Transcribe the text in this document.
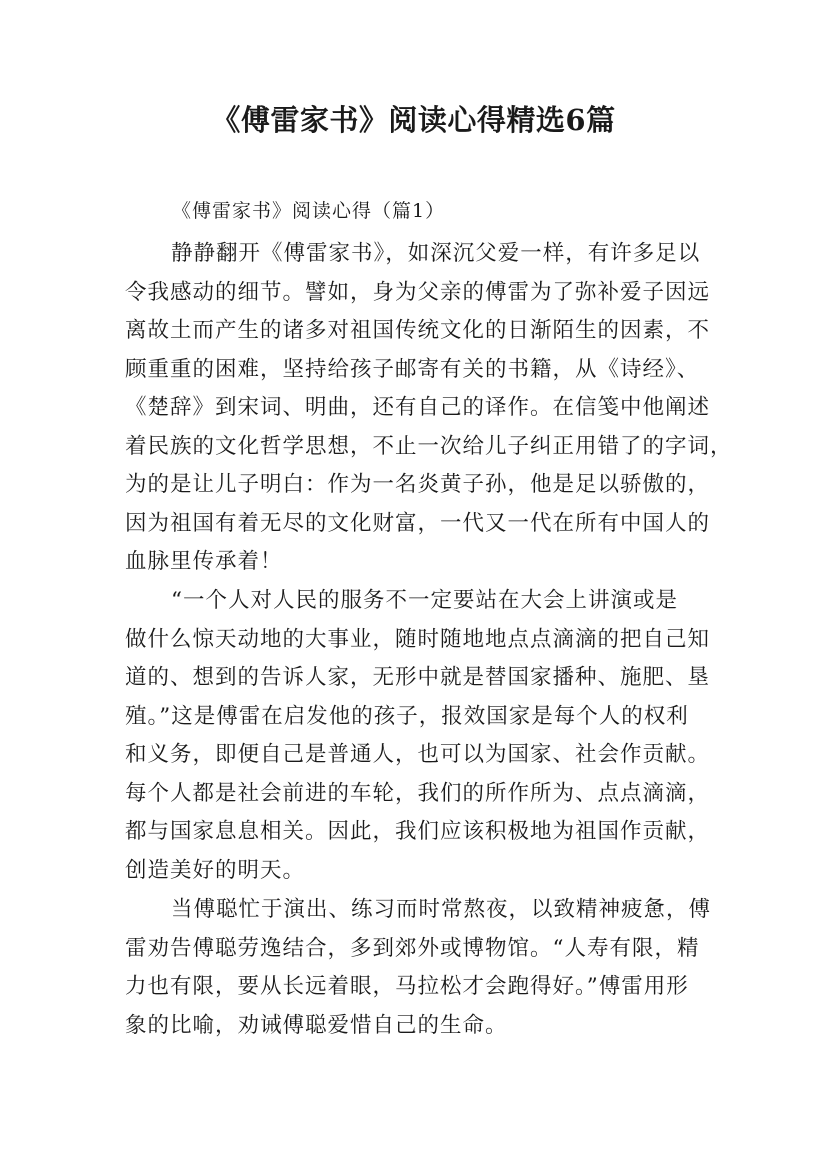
《傅雷家书》阅读心得精选6篇

《傅雷家书》阅读心得（篇1）

静静翻开《傅雷家书》，如深沉父爱一样，有许多足以
令我感动的细节。譬如，身为父亲的傅雷为了弥补爱子因远
离故土而产生的诸多对祖国传统文化的日渐陌生的因素，不
顾重重的困难，坚持给孩子邮寄有关的书籍，从《诗经》、
《楚辞》到宋词、明曲，还有自己的译作。在信笺中他阐述
着民族的文化哲学思想，不止一次给儿子纠正用错了的字词，
为的是让儿子明白：作为一名炎黄子孙，他是足以骄傲的，
因为祖国有着无尽的文化财富，一代又一代在所有中国人的
血脉里传承着！

“一个人对人民的服务不一定要站在大会上讲演或是
做什么惊天动地的大事业，随时随地地点点滴滴的把自己知
道的、想到的告诉人家，无形中就是替国家播种、施肥、垦
殖。”这是傅雷在启发他的孩子，报效国家是每个人的权利
和义务，即便自己是普通人，也可以为国家、社会作贡献。
每个人都是社会前进的车轮，我们的所作所为、点点滴滴，
都与国家息息相关。因此，我们应该积极地为祖国作贡献，
创造美好的明天。

当傅聪忙于演出、练习而时常熬夜，以致精神疲惫，傅
雷劝告傅聪劳逸结合，多到郊外或博物馆。“人寿有限，精
力也有限，要从长远着眼，马拉松才会跑得好。”傅雷用形
象的比喻，劝诫傅聪爱惜自己的生命。
